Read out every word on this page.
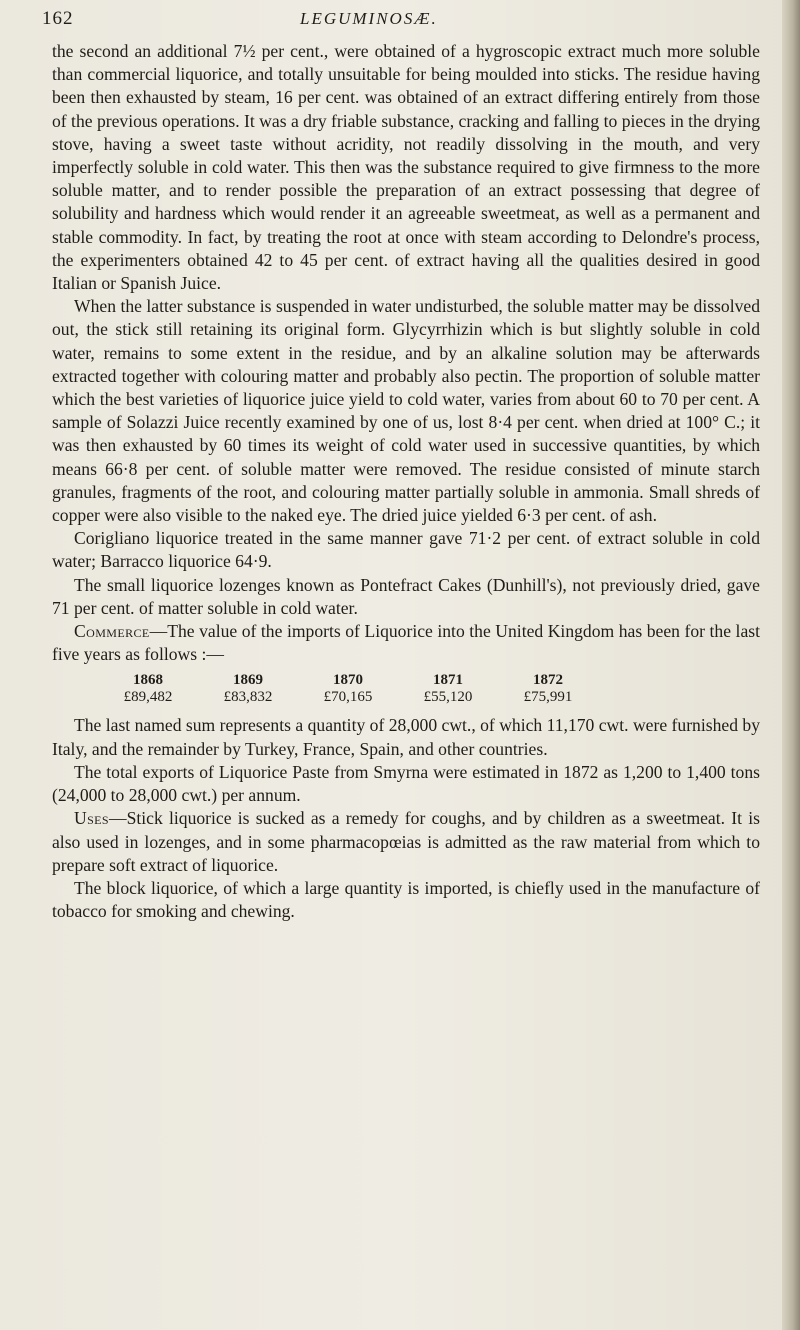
162	LEGUMINOSÆ.

the second an additional 7½ per cent., were obtained of a hygroscopic extract much more soluble than commercial liquorice, and totally unsuitable for being moulded into sticks. The residue having been then exhausted by steam, 16 per cent. was obtained of an extract differing entirely from those of the previous operations. It was a dry friable substance, cracking and falling to pieces in the drying stove, having a sweet taste without acridity, not readily dissolving in the mouth, and very imperfectly soluble in cold water. This then was the substance required to give firmness to the more soluble matter, and to render possible the preparation of an extract possessing that degree of solubility and hardness which would render it an agreeable sweetmeat, as well as a permanent and stable commodity. In fact, by treating the root at once with steam according to Delondre's process, the experimenters obtained 42 to 45 per cent. of extract having all the qualities desired in good Italian or Spanish Juice.

When the latter substance is suspended in water undisturbed, the soluble matter may be dissolved out, the stick still retaining its original form. Glycyrrhizin which is but slightly soluble in cold water, remains to some extent in the residue, and by an alkaline solution may be afterwards extracted together with colouring matter and probably also pectin. The proportion of soluble matter which the best varieties of liquorice juice yield to cold water, varies from about 60 to 70 per cent. A sample of Solazzi Juice recently examined by one of us, lost 8·4 per cent. when dried at 100° C.; it was then exhausted by 60 times its weight of cold water used in successive quantities, by which means 66·8 per cent. of soluble matter were removed. The residue consisted of minute starch granules, fragments of the root, and colouring matter partially soluble in ammonia. Small shreds of copper were also visible to the naked eye. The dried juice yielded 6·3 per cent. of ash.

Corigliano liquorice treated in the same manner gave 71·2 per cent. of extract soluble in cold water; Barracco liquorice 64·9.

The small liquorice lozenges known as Pontefract Cakes (Dunhill's), not previously dried, gave 71 per cent. of matter soluble in cold water.

Commerce—The value of the imports of Liquorice into the United Kingdom has been for the last five years as follows :—

1868
£89,482
1869
£83,832
1870
£70,165
1871
£55,120
1872
£75,991

The last named sum represents a quantity of 28,000 cwt., of which 11,170 cwt. were furnished by Italy, and the remainder by Turkey, France, Spain, and other countries.

The total exports of Liquorice Paste from Smyrna were estimated in 1872 as 1,200 to 1,400 tons (24,000 to 28,000 cwt.) per annum.

Uses—Stick liquorice is sucked as a remedy for coughs, and by children as a sweetmeat. It is also used in lozenges, and in some pharmacopœias is admitted as the raw material from which to prepare soft extract of liquorice.

The block liquorice, of which a large quantity is imported, is chiefly used in the manufacture of tobacco for smoking and chewing.
